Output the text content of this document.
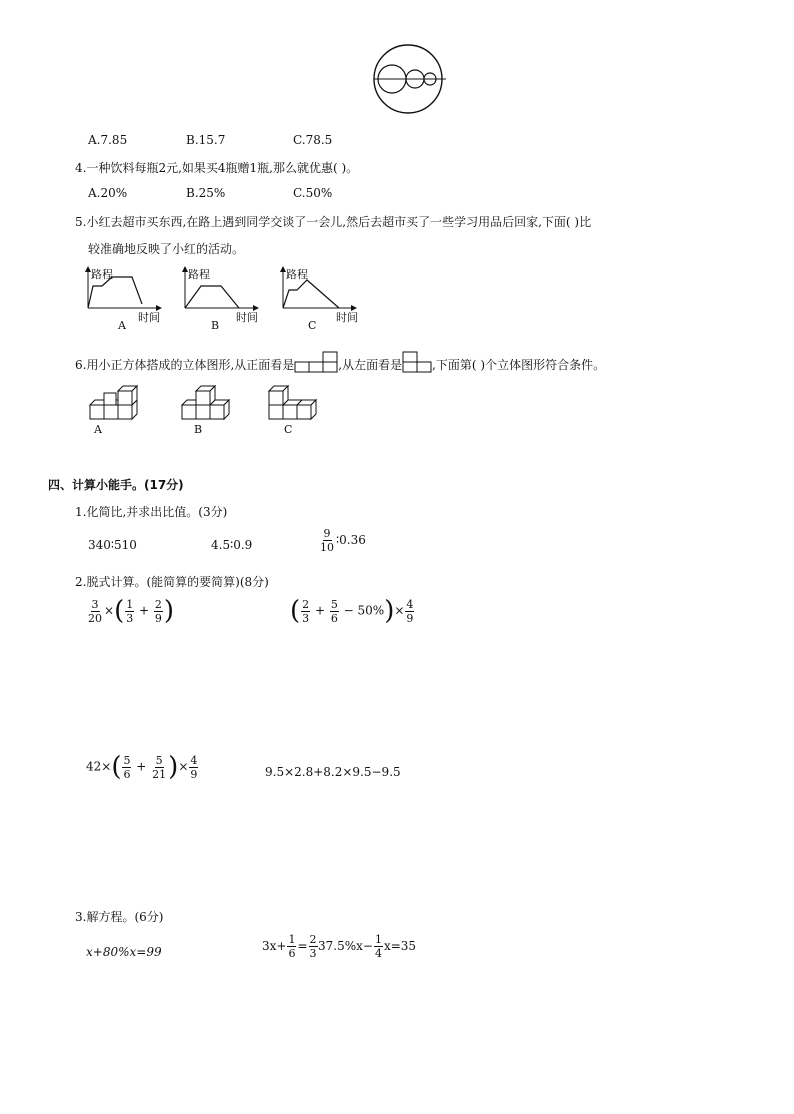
A.7.85	B.15.7	C.78.5
4.一种饮料每瓶2元,如果买4瓶赠1瓶,那么就优惠( )。
A.20%	B.25%	C.50%
5.小红去超市买东西,在路上遇到同学交谈了一会儿,然后去超市买了一些学习用品后回家,下面( )比
较准确地反映了小红的活动。
路程
时间
A
路程
时间
B
路程
时间
C
6.用小正方体搭成的立体图形,从正面看是	,从左面看是	,下面第( )个立体图形符合条件。
A	B	C
四、计算小能手。(17分)
1.化简比,并求出比值。(3分)
340∶510	4.5∶0.9	$\frac{9}{10}$ ∶0.36
2.脱式计算。(能简算的要简算)(8分)
$\frac{3}{20}$ ×( $\frac{1}{3} + \frac{2}{9}$ )	( $\frac{2}{3} + \frac{5}{6} - 50\%)\times \frac{4}{9}$
$42\times( \frac{5}{6} + \frac{5}{21}$ )× $\frac{4}{9}$	9.5×2.8+8.2×9.5−9.5
3.解方程。(6分)
x+80%x=99	$3x+ \frac{1}{6} = \frac{2}{3} 37.5\%x- \frac{1}{4} x=35$
